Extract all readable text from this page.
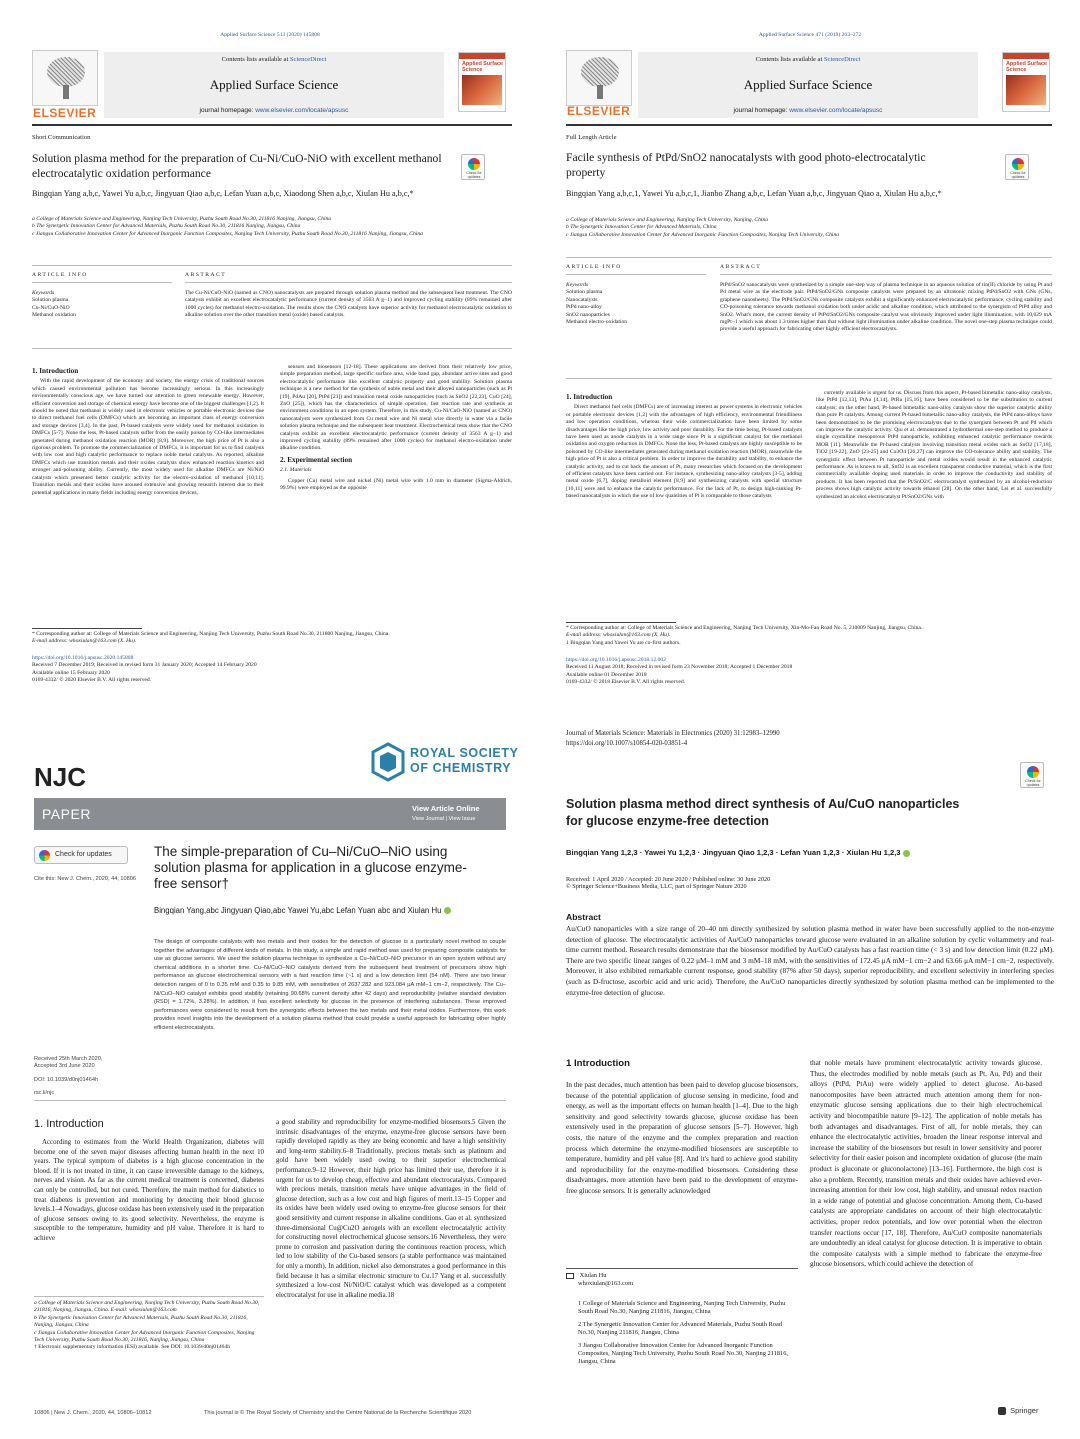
Applied Surface Science 513 (2020) 145808
ELSEVIER
Contents lists available at ScienceDirect
Applied Surface Science
journal homepage: www.elsevier.com/locate/apsusc
Applied Surface Science
Short Communication
Solution plasma method for the preparation of Cu-Ni/CuO-NiO with excellent methanol electrocatalytic oxidation performance
Check for updates
Bingqian Yang a,b,c, Yawei Yu a,b,c, Jingyuan Qiao a,b,c, Lefan Yuan a,b,c, Xiaodong Shen a,b,c, Xiulan Hu a,b,c,*
a College of Materials Science and Engineering, Nanjing Tech University, Puzhu South Road No.30, 211816 Nanjing, Jiangsu, China
b The Synergetic Innovation Center for Advanced Materials, Puzhu South Road No.30, 211816 Nanjing, Jiangsu, China
c Jiangsu Collaborative Innovation Center for Advanced Inorganic Function Composites, Nanjing Tech University, Puzhu South Road No.30, 211816 Nanjing, Jiangsu, China
ARTICLE INFO	ABSTRACT
Keywords
Solution plasma
Cu-Ni/CuO-NiO
Methanol oxidation
The Cu-Ni/CuO-NiO (named as CNO) nanocatalysts are prepared through solution plasma method and the subsequent heat treatment. The CNO catalysts exhibit an excellent electrocatalytic performance (current density of 3563 A g−1) and improved cycling stability (89% remained after 1000 cycles) for methanol electro-oxidation. The results show the CNO catalysts have superior activity for methanol electrocatalytic oxidation to alkaline solution over the other transition metal (oxide) based catalysts.
1. Introduction

With the rapid development of the economy and society, the energy crisis of traditional sources which caused environmental pollution has become increasingly serious. In this increasingly environmentally conscious age, we have turned our attention to green renewable energy. However, efficient conversion and storage of chemical energy have become one of the biggest challenges [1,2]. It should be noted that methanol is widely used in electronic vehicles or portable electronic devices due to direct methanol fuel cells (DMFCs) which are becoming an important class of energy conversion and storage devices [3,4]. In the past, Pt-based catalysts were widely used for methanol oxidation in DMFCs [5-7]. None the less, Pt-based catalysts suffer from the easily poison by CO-like intermediates generated during methanol oxidation reaction (MOR) [8,9]. Moreover, the high price of Pt is also a rigorous problem. To promote the commercialization of DMFCs, it is important for us to find catalysts with low cost and high catalytic performance to replace noble metal catalysts. As reported, alkaline DMFCs which use transition metals and their oxides catalysts show enhanced reaction kinetics and stronger anti-poisoning ability. Currently, the most widely used for alkaline DMFCs are Ni/NiO catalysts which presented better catalytic activity for the electro-oxidation of methanol [10,11]. Transition metals and their oxides have aroused extensive and growing research interest due to their potential applications in many fields including energy conversion devices,

sensors and biosensors [12-18]. These applications are derived from their relatively low price, simple preparation method, large specific surface area, wide band gap, abundant active sites and good electrocatalytic performance like excellent catalytic property and good stability. Solution plasma technique is a new method for the synthesis of noble metal and their alloyed nanoparticles (such as Pt [19], PdAu [20], PtPd [21]) and transition metal oxide nanoparticles (such as SnO2 [22,23], CuO [24], ZnO [25]), which has the characteristics of simple operation, fast reaction rate and synthesis at environment conditions in an open system. Therefore, in this study, Cu-Ni/CuO-NiO (named as CNO) nanocatalysts were synthesized from Cu metal wire and Ni metal wire directly in water via a facile solution plasma technique and the subsequent heat treatment. Electrochemical tests show that the CNO catalysts exhibit an excellent electrocatalytic performance (current density of 3563 A g−1) and improved cycling stability (89% remained after 1000 cycles) for methanol electro-oxidation under alkaline condition.

2. Experimental section
2.1. Materials

Copper (Cu) metal wire and nickel (Ni) metal wire with 1.0 mm in diameter (Sigma-Aldrich, 99.9%) were employed as the opposite

* Corresponding author at: College of Materials Science and Engineering, Nanjing Tech University, Puzhu South Road No.30, 211800 Nanjing, Jiangsu, China.
E-mail address: whoxiulan@163.com (X. Hu).
https://doi.org/10.1016/j.apsusc.2020.145808
Received 7 December 2019; Received in revised form 31 January 2020; Accepted 14 February 2020
Available online 15 February 2020
0169-4332/ © 2020 Elsevier B.V. All rights reserved.
Applied Surface Science 471 (2019) 263–272
ELSEVIER
Contents lists available at ScienceDirect
Applied Surface Science
journal homepage: www.elsevier.com/locate/apsusc
Applied Surface Science
Full Length Article
Facile synthesis of PtPd/SnO2 nanocatalysts with good photo-electrocatalytic property
Check for updates
Bingqian Yang a,b,c,1, Yawei Yu a,b,c,1, Jianbo Zhang a,b,c, Lefan Yuan a,b,c, Jingyuan Qiao a, Xiulan Hu a,b,c,*
a College of Materials Science and Engineering, Nanjing Tech University, Nanjing, China
b The Synergetic Innovation Center for Advanced Materials, China
c Jiangsu Collaborative Innovation Center for Advanced Inorganic Function Composites, Nanjing Tech University, China
ARTICLE INFO	ABSTRACT
Keywords
Solution plasma
Nanocatalysts
PtPd nano-alloy
SnO2 nanoparticles
Methanol electro-oxidation
PtPd/SnO2 nanocatalysts were synthesized by a simple one-step way of plasma technique in an aqueous solution of tin(II) chloride by using Pt and Pd metal wire as the electrode pair. PtPd/SnO2/GNs composite catalysts were prepared by an ultrasonic mixing PtPd/SnO2 with GNs (GNs, graphene nanosheets). The PtPd/SnO2/GNs composite catalysts exhibit a significantly enhanced electrocatalytic performance, cycling stability and CO-poisoning tolerance towards methanol oxidation both under acidic and alkaline condition, which attributed to the synergism of PtPd alloy and SnO2. What's more, the current density of PtPd/SnO2/GNs composite catalyst was obviously improved under light illumination, with 10,029 mA mgPt−1 which was about 1.3 times higher than that without light illumination under alkaline condition. The novel one-step plasma technique could provide a useful approach for fabricating other highly efficient electrocatalysts.
1. Introduction

Direct methanol fuel cells (DMFCs) are of increasing interest as power systems in electronic vehicles or portable electronic devices [1,2] with the advantages of high efficiency, environmental friendliness and low operation conditions, whereas their wide commercialization have been limited by some disadvantages like the high price, low activity and poor durability. For the time being, Pt-based catalysts have been used as anode catalysts in a wide range since Pt is a significant catalyst for the methanol oxidation and oxygen reduction in DMFCs. None the less, Pt-based catalysts are highly susceptible to be poisoned by CO-like intermediates generated during methanol oxidation reaction (MOR), meanwhile the high price of Pt is also a critical problem. In order to improve the durability and stability, to enhance the catalytic activity, and to cut back the amount of Pt, many researches which focused on the development of efficient catalysts have been carried out. For instance, synthesizing nano-alloy catalysts [3-5], adding metal oxide [6,7], doping metalloid element [8,9] and synthesizing catalysts with special structure [10,11] were and to enhance the catalytic performance. For the lack of Pt, to design high-ranking Pt-based nanocatalysts in which the use of low quantities of Pt is comparable to those catalysts

currently available is urgent for us. Discuss from this aspect, Pt-based bimetallic nano-alloy catalysts, like PtPd [12,13], PtAu [4,14], PtRu [15,16], have been considered to be the substitution to current catalysts; on the other hand, Pt-based bimetallic nano-alloy catalysts show the superior catalytic ability than pure Pt catalysts. Among current Pt-based bimetallic nano-alloy catalysts, the PtPd nano-alloys have been demonstrated to be the promising electrocatalysts due to the synergism between Pt and Pd which can improve the catalytic activity. Qiu et al. demonstrated a hydrothermal one-step method to produce a single crystalline mesoporous PtPd nanoparticle, exhibiting enhanced catalytic performance towards MOR [11]. Meanwhile the Pt-based catalysts involving transition metal oxides such as SnO2 [17,18], TiO2 [19-22], ZnO [23-25] and Co3O4 [26,27] can improve the CO-tolerance ability and stability. The synergistic effect between Pt nanoparticle and metal oxides would result in the enhanced catalytic performance. As is known to all, SnO2 is an excellent transparent conductive material, which is the first commercially available doping used materials in order to improve the conductivity and stability of products. It has been reported that the Pt/SnO2/C electrocatalyst synthesized by an alcohol-reduction process shows high catalytic activity towards ethanol [28]. On the other hand, Lei et al. successfully synthesized an alcohol electrocatalyst Pt/SnO2/GNs with

* Corresponding author at: College of Materials Science and Engineering, Nanjing Tech University, Xin-Mo-Fan Road No. 5, 210009 Nanjing, Jiangsu, China.
E-mail address: whoxiulan@163.com (X. Hu).
1 Bingqian Yang and Yawei Yu are co-first authors.
https://doi.org/10.1016/j.apsusc.2018.12.002
Received 11 August 2018; Received in revised form 23 November 2018; Accepted 1 December 2018
Available online 01 December 2018
0169-4332/ © 2018 Elsevier B.V. All rights reserved.
NJC
ROYAL SOCIETY
OF CHEMISTRY
PAPER	View Article Online
View Journal | View Issue
Check for updates	The simple-preparation of Cu–Ni/CuO–NiO using solution plasma for application in a glucose enzyme-free sensor†
Cite this: New J. Chem., 2020, 44, 10806
Bingqian Yang,abc Jingyuan Qiao,abc Yawei Yu,abc Lefan Yuan abc and Xiulan Hu
The design of composite catalysts with two metals and their oxides for the detection of glucose is a particularly novel method to couple together the advantages of different kinds of metals. In this study, a simple and rapid method was used for preparing composite catalysts for use as glucose sensors. We used the solution plasma technique to synthesize a Cu–Ni/CuO–NiO precursor in an open system without any chemical additions in a shorter time. Cu–Ni/CuO–NiO catalysts derived from the subsequent heat treatment of precursors show high performance as glucose electrochemical sensors with a fast reaction time (~1 s) and a low detection limit (54 nM). There are two linear detection ranges of 0 to 0.35 mM and 0.35 to 9.85 mM, with sensitivities of 2637.282 and 923.084 μA mM−1 cm−2, respectively. The Cu–Ni/CuO–NiO catalyst exhibits good stability (retaining 90.68% current density after 42 days) and reproducibility (relative standard deviation (RSD) = 1.72%, 3.28%). In addition, it has excellent selectivity for glucose in the presence of interfering substances. These improved performances were considered to result from the synergistic effects between the two metals and their metal oxides. Furthermore, this work provides novel insights into the development of a solution plasma method that could provide a useful approach for fabricating other highly efficient electrocatalysts.
Received 25th March 2020,
Accepted 3rd June 2020
DOI: 10.1039/d0nj01464h
rsc.li/njc
1. Introduction

According to estimates from the World Health Organization, diabetes will become one of the seven major diseases affecting human health in the next 10 years. The typical symptom of diabetes is a high glucose concentration in the blood. If it is not treated in time, it can cause irreversible damage to the kidneys, nerves and vision. As far as the current medical treatment is concerned, diabetes can only be controlled, but not cured. Therefore, the main method for diabetics to treat diabetes is prevention and monitoring by detecting their blood glucose levels.1–4 Nowadays, glucose oxidase has been extensively used in the preparation of glucose sensors owing to its good selectivity. Nevertheless, the enzyme is susceptible to the temperature, humidity and pH value. Therefore it is hard to achieve

a good stability and reproducibility for enzyme-modified biosensors.5 Given the intrinsic disadvantages of the enzyme, enzyme-free glucose sensors have been rapidly developed rapidly as they are being economic and have a high sensitivity and long-term stability.6–8 Traditionally, precious metals such as platinum and gold have been widely used owing to their superior electrochemical performance.9–12 However, their high price has limited their use, therefore it is urgent for us to develop cheap, effective and abundant electrocatalysts. Compared with precious metals, transition metals have unique advantages in the field of glucose detection, such as a low cost and high figures of merit.13–15 Copper and its oxides have been widely used owing to enzyme-free glucose sensors for their good sensitivity and current response in alkaline conditions. Gao et al. synthesized three-dimensional Cu@Cu2O aerogels with an excellent electrocatalytic activity for constructing novel electrochemical glucose sensors.16 Nevertheless, they were prone to corrosion and passivation during the continuous reaction process, which led to low stability of the Cu-based sensors (a stable performance was maintained for only a month). In addition, nickel also demonstrates a good performance in this field because it has a similar electronic structure to Cu.17 Yang et al. successfully synthesized a low-cost Ni/NiO/C catalyst which was developed as a competent electrocatalyst for use in alkaline media.18

a College of Materials Science and Engineering, Nanjing Tech University, Puzhu South Road No.30, 211816, Nanjing, Jiangsu, China. E-mail: whoxiulan@163.com
b The Synergetic Innovation Center for Advanced Materials, Puzhu South Road No.30, 211816, Nanjing, Jiangsu, China
c Jiangsu Collaborative Innovation Center for Advanced Inorganic Function Composites, Nanjing Tech University, Puzhu South Road No.30, 211816, Nanjing, Jiangsu, China
† Electronic supplementary information (ESI) available. See DOI: 10.1039/d0nj01464h
10806 | New J. Chem., 2020, 44, 10806–10812	This journal is © The Royal Society of Chemistry and the Centre National de la Recherche Scientifique 2020
Journal of Materials Science: Materials in Electronics (2020) 31:12983–12990
https://doi.org/10.1007/s10854-020-03851-4
Check for updates
Solution plasma method direct synthesis of Au/CuO nanoparticles for glucose enzyme-free detection
Bingqian Yang 1,2,3 · Yawei Yu 1,2,3 · Jingyuan Qiao 1,2,3 · Lefan Yuan 1,2,3 · Xiulan Hu 1,2,3
Received: 1 April 2020 / Accepted: 20 June 2020 / Published online: 30 June 2020
© Springer Science+Business Media, LLC, part of Springer Nature 2020
Abstract
Au/CuO nanoparticles with a size range of 20–40 nm directly synthesized by solution plasma method in water have been successfully applied to the non-enzyme detection of glucose. The electrocatalytic activities of Au/CuO nanoparticles toward glucose were evaluated in an alkaline solution by cyclic voltammetry and real-time current method. Research results demonstrate that the biosensor modified by Au/CuO catalysts has a fast reaction time (< 3 s) and low detection limit (0.22 μM). There are two specific linear ranges of 0.22 μM–1 mM and 3 mM–18 mM, with the sensitivities of 172.45 μA mM−1 cm−2 and 63.66 μA mM−1 cm−2, respectively. Moreover, it also exhibited remarkable current response, good stability (87% after 50 days), superior reproducibility, and excellent selectivity in interfering species (such as D-fructose, ascorbic acid and uric acid). Therefore, the Au/CuO nanoparticles directly synthesized by solution plasma method can be implemented to the enzyme-free detection of glucose.
1 Introduction

In the past decades, much attention has been paid to develop glucose biosensors, because of the potential application of glucose sensing in medicine, food and energy, as well as the important effects on human health [1–4]. Due to the high sensitivity and good selectivity towards glucose, glucose oxidase has been extensively used in the preparation of glucose sensors [5–7]. However, high costs, the nature of the enzyme and the complex preparation and reaction process which determine the enzyme-modified biosensors are susceptible to temperature, humidity and pH value [8]. And it's hard to achieve good stability and reproducibility for the enzyme-modified biosensors. Considering these disadvantages, more attention have been paid to the development of enzyme-free glucose sensors. It is generally acknowledged

that noble metals have prominent electrocatalytic activity towards glucose. Thus, the electrodes modified by noble metals (such as Pt, Au, Pd) and their alloys (PtPd, PtAu) were widely applied to detect glucose. Au-based nanocomposites have been attracted much attention among them for non-enzymatic glucose sensing applications due to their high electrochemical activity and biocompatible nature [9–12]. The application of noble metals has both advantages and disadvantages. First of all, for noble metals, they can enhance the electrocatalytic activities, broaden the linear response interval and increase the stability of the biosensors but result in lower sensitivity and poorer selectivity for their easier poison and incomplete oxidation of glucose (the main product is gluconate or gluconolactone) [13–16]. Furthermore, the high cost is also a problem. Recently, transition metals and their oxides have achieved ever-increasing attention for their low cost, high stability, and unusual redox reaction in a wide range of potential and glucose concentration. Among them, Cu-based catalysts are appropriate candidates on account of their high electrocatalytic activities, proper redox potentials, and low over potential when the electron transfer reactions occur [17, 18]. Therefore, Au/CuO composite nanomaterials are undoubtedly an ideal catalyst for glucose detection. It is imperative to obtain the composite catalysts with a simple method to fabricate the enzyme-free glucose biosensors, which could achieve the detection of

Xiulan Hu
whoxiulan@163.com
1 College of Materials Science and Engineering, Nanjing Tech University, Puzhu South Road No.30, Nanjing 211816, Jiangsu, China
2 The Synergetic Innovation Center for Advanced Materials, Puzhu South Road No.30, Nanjing 211816, Jiangsu, China
3 Jiangsu Collaborative Innovation Center for Advanced Inorganic Function Composites, Nanjing Tech University, Puzhu South Road No.30, Nanjing 211816, Jiangsu, China
Springer
